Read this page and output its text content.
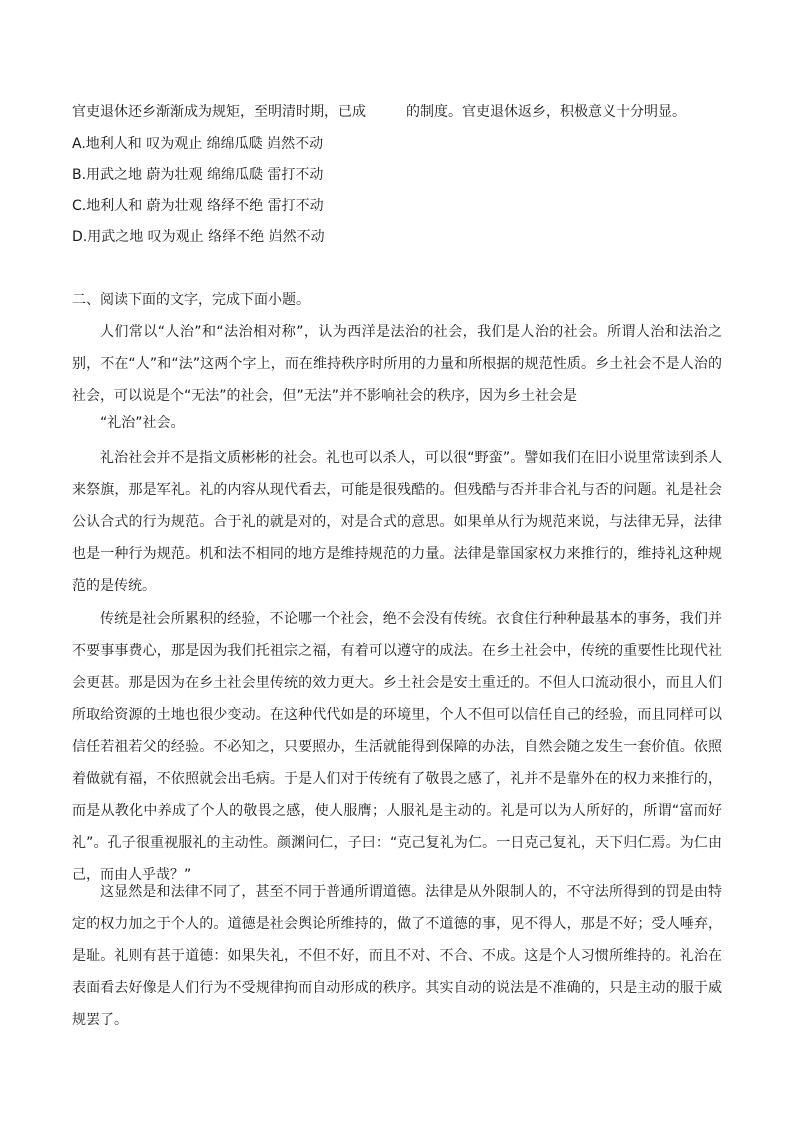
官吏退休还乡渐渐成为规矩，至明清时期，已成	的制度。官吏退休返乡，积极意义十分明显。
A.地利人和 叹为观止 绵绵瓜瓞 岿然不动
B.用武之地 蔚为壮观 绵绵瓜瓞 雷打不动
C.地利人和 蔚为壮观 络绎不绝 雷打不动
D.用武之地 叹为观止 络绎不绝 岿然不动
二、阅读下面的文字，完成下面小题。
人们常以“人治”和“法治相对称”，认为西洋是法治的社会，我们是人治的社会。所谓人治和法治之别，不在“人”和“法”这两个字上，而在维持秩序时所用的力量和所根据的规范性质。乡土社会不是人治的社会，可以说是个“无法”的社会，但”无法”并不影响社会的秩序，因为乡土社会是
“礼治”社会。
礼治社会并不是指文质彬彬的社会。礼也可以杀人，可以很“野蛮”。譬如我们在旧小说里常读到杀人来祭旗，那是军礼。礼的内容从现代看去，可能是很残酷的。但残酷与否并非合礼与否的问题。礼是社会公认合式的行为规范。合于礼的就是对的，对是合式的意思。如果单从行为规范来说，与法律无异，法律也是一种行为规范。机和法不相同的地方是维持规范的力量。法律是靠国家权力来推行的，维持礼这种规范的是传统。
传统是社会所累积的经验，不论哪一个社会，绝不会没有传统。衣食住行种种最基本的事务，我们并不要事事费心，那是因为我们托祖宗之福，有着可以遵守的成法。在乡土社会中，传统的重要性比现代社会更甚。那是因为在乡土社会里传统的效力更大。乡土社会是安土重迁的。不但人口流动很小，而且人们所取给资源的土地也很少变动。在这种代代如是的环境里，个人不但可以信任自己的经验，而且同样可以信任若祖若父的经验。不必知之，只要照办，生活就能得到保障的办法，自然会随之发生一套价值。依照着做就有福，不依照就会出毛病。于是人们对于传统有了敬畏之感了，礼并不是靠外在的权力来推行的，而是从教化中养成了个人的敬畏之感，使人服膺；人服礼是主动的。礼是可以为人所好的，所谓“富而好礼”。孔子很重视服礼的主动性。颜渊问仁，子曰：“克己复礼为仁。一日克己复礼，天下归仁焉。为仁由己，而由人乎哉？”
这显然是和法律不同了，甚至不同于普通所谓道德。法律是从外限制人的，不守法所得到的罚是由特定的权力加之于个人的。道德是社会舆论所维持的，做了不道德的事，见不得人，那是不好；受人唾弃，是耻。礼则有甚于道德：如果失礼，不但不好，而且不对、不合、不成。这是个人习惯所维持的。礼治在表面看去好像是人们行为不受规律拘而自动形成的秩序。其实自动的说法是不准确的，只是主动的服于威规罢了。
